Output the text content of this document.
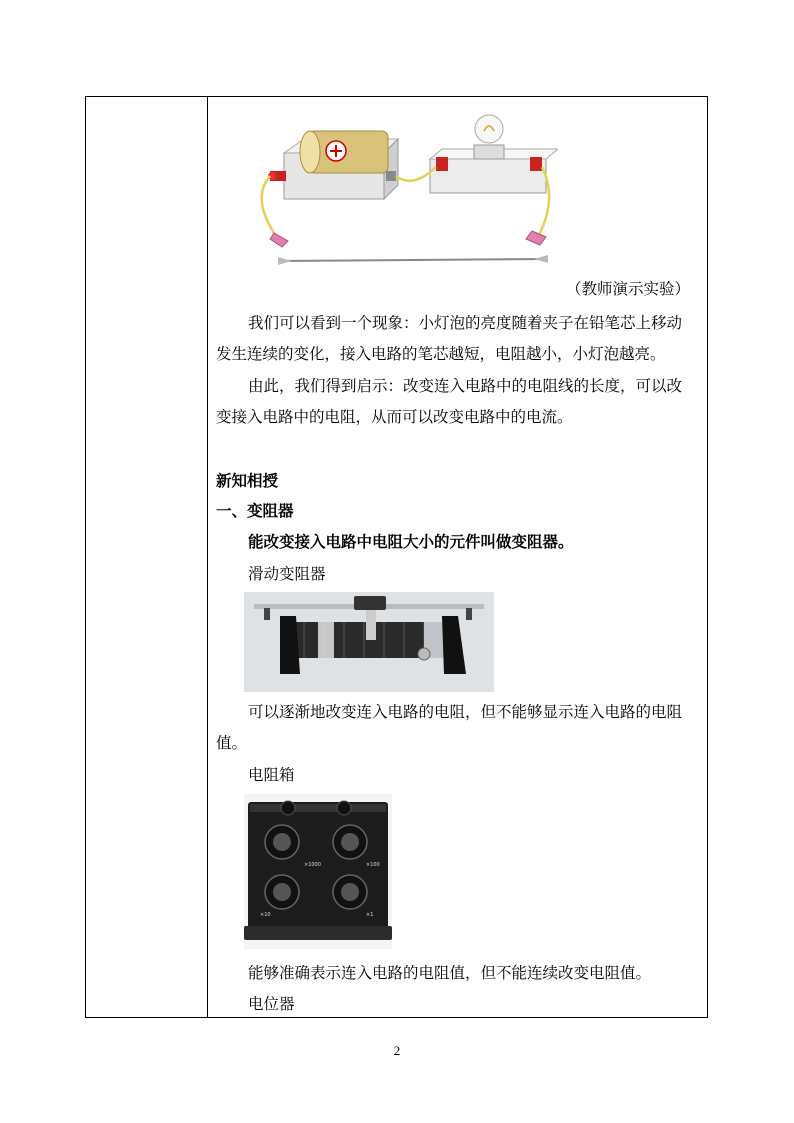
（教师演示实验）
我们可以看到一个现象：小灯泡的亮度随着夹子在铅笔芯上移动
发生连续的变化，接入电路的笔芯越短，电阻越小，小灯泡越亮。
由此，我们得到启示：改变连入电路中的电阻线的长度，可以改
变接入电路中的电阻，从而可以改变电路中的电流。
新知相授
一、变阻器
能改变接入电路中电阻大小的元件叫做变阻器。
滑动变阻器
可以逐渐地改变连入电路的电阻，但不能够显示连入电路的电阻
值。
电阻箱
×1000	×100
×10	×1
能够准确表示连入电路的电阻值，但不能连续改变电阻值。
电位器
2
